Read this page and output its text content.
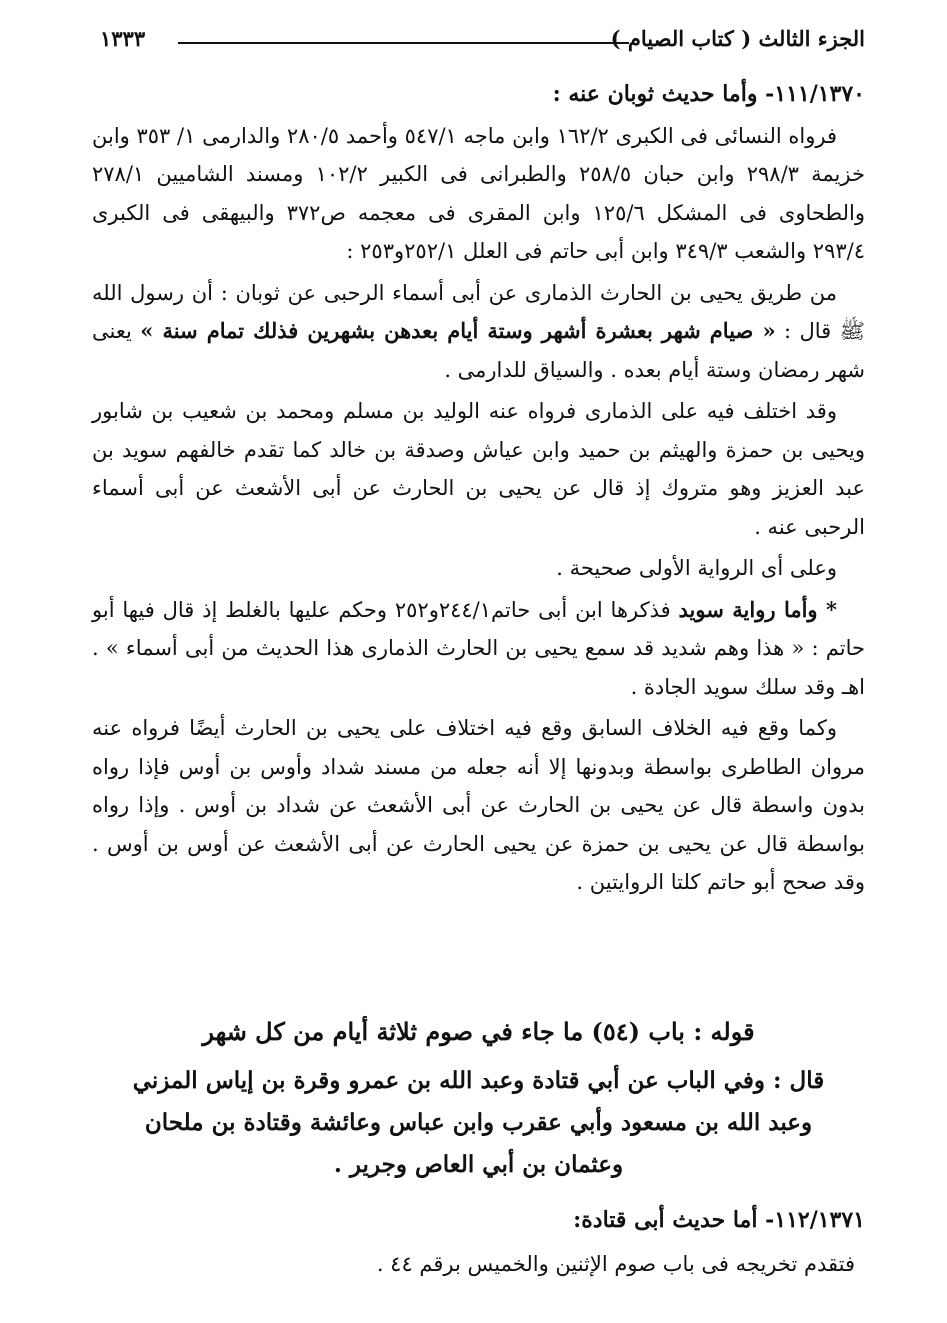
الجزء الثالث ( كتاب الصيام )
١٣٣٣

١١١/١٣٧٠- وأما حديث ثوبان عنه :

فرواه النسائى فى الكبرى ١٦٢/٢ وابن ماجه ٥٤٧/١ وأحمد ٢٨٠/٥ والدارمى ١/ ٣٥٣ وابن خزيمة ٢٩٨/٣ وابن حبان ٢٥٨/٥ والطبرانى فى الكبير ١٠٢/٢ ومسند الشاميين ٢٧٨/١ والطحاوى فى المشكل ١٢٥/٦ وابن المقرى فى معجمه ص٣٧٢ والبيهقى فى الكبرى ٢٩٣/٤ والشعب ٣٤٩/٣ وابن أبى حاتم فى العلل ٢٥٢/١و٢٥٣ :

من طريق يحيى بن الحارث الذمارى عن أبى أسماء الرحبى عن ثوبان : أن رسول الله ﷺ قال : « صيام شهر بعشرة أشهر وستة أيام بعدهن بشهرين فذلك تمام سنة » يعنى شهر رمضان وستة أيام بعده . والسياق للدارمى .

وقد اختلف فيه على الذمارى فرواه عنه الوليد بن مسلم ومحمد بن شعيب بن شابور ويحيى بن حمزة والهيثم بن حميد وابن عياش وصدقة بن خالد كما تقدم خالفهم سويد بن عبد العزيز وهو متروك إذ قال عن يحيى بن الحارث عن أبى الأشعث عن أبى أسماء الرحبى عنه .

وعلى أى الرواية الأولى صحيحة .

* وأما رواية سويد فذكرها ابن أبى حاتم٢٤٤/١و٢٥٢ وحكم عليها بالغلط إذ قال فيها أبو حاتم : « هذا وهم شديد قد سمع يحيى بن الحارث الذمارى هذا الحديث من أبى أسماء » . اهـ وقد سلك سويد الجادة .

وكما وقع فيه الخلاف السابق وقع فيه اختلاف على يحيى بن الحارث أيضًا فرواه عنه مروان الطاطرى بواسطة وبدونها إلا أنه جعله من مسند شداد وأوس بن أوس فإذا رواه بدون واسطة قال عن يحيى بن الحارث عن أبى الأشعث عن شداد بن أوس . وإذا رواه بواسطة قال عن يحيى بن حمزة عن يحيى الحارث عن أبى الأشعث عن أوس بن أوس . وقد صحح أبو حاتم كلتا الروايتين .

قوله : باب (٥٤) ما جاء في صوم ثلاثة أيام من كل شهر

قال : وفي الباب عن أبي قتادة وعبد الله بن عمرو وقرة بن إياس المزني

وعبد الله بن مسعود وأبي عقرب وابن عباس وعائشة وقتادة بن ملحان

وعثمان بن أبي العاص وجرير .

١١٢/١٣٧١- أما حديث أبى قتادة:

فتقدم تخريجه فى باب صوم الإثنين والخميس برقم ٤٤ .
